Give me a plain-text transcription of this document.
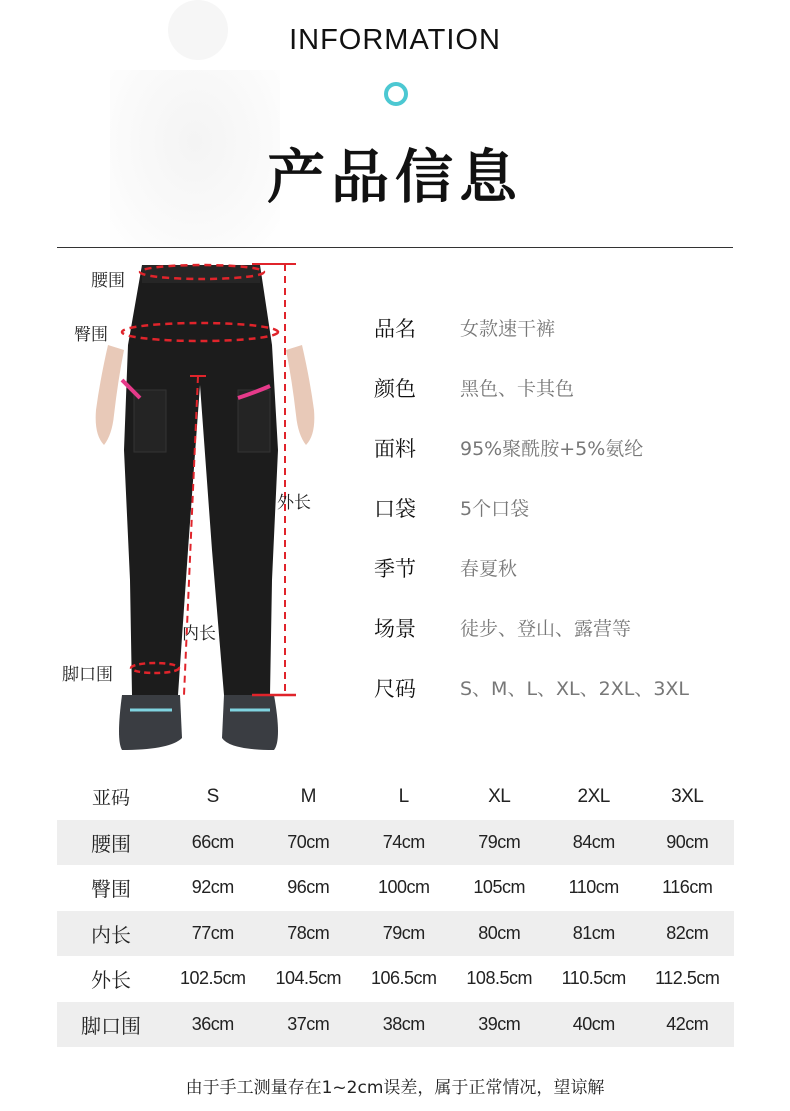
INFORMATION
产品信息
腰围
臀围
外长
内长
脚口围
品名 女款速干裤
颜色 黑色、卡其色
面料 95%聚酰胺+5%氨纶
口袋 5个口袋
季节 春夏秋
场景 徒步、登山、露营等
尺码 S、M、L、XL、2XL、3XL
亚码	S	M	L	XL	2XL	3XL
腰围	66cm	70cm	74cm	79cm	84cm	90cm
臀围	92cm	96cm	100cm	105cm	110cm	116cm
内长	77cm	78cm	79cm	80cm	81cm	82cm
外长	102.5cm	104.5cm	106.5cm	108.5cm	110.5cm	112.5cm
脚口围	36cm	37cm	38cm	39cm	40cm	42cm
由于手工测量存在1~2cm误差，属于正常情况，望谅解
